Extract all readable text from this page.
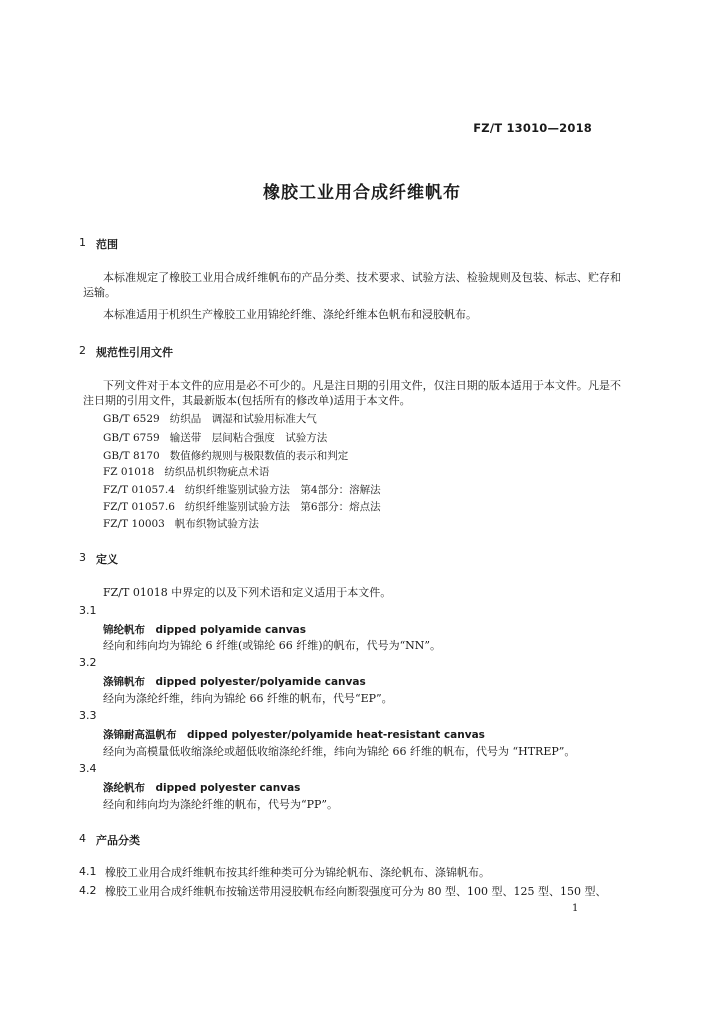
FZ/T 13010—2018
橡胶工业用合成纤维帆布
1 范围
本标准规定了橡胶工业用合成纤维帆布的产品分类、技术要求、试验方法、检验规则及包装、标志、贮存和运输。
本标准适用于机织生产橡胶工业用锦纶纤维、涤纶纤维本色帆布和浸胶帆布。
2 规范性引用文件
下列文件对于本文件的应用是必不可少的。凡是注日期的引用文件，仅注日期的版本适用于本文件。凡是不注日期的引用文件，其最新版本(包括所有的修改单)适用于本文件。
GB/T 6529 纺织品　调湿和试验用标准大气
GB/T 6759 输送带　层间粘合强度　试验方法
GB/T 8170 数值修约规则与极限数值的表示和判定
FZ 01018 纺织品机织物疵点术语
FZ/T 01057.4 纺织纤维鉴别试验方法　第4部分：溶解法
FZ/T 01057.6 纺织纤维鉴别试验方法　第6部分：熔点法
FZ/T 10003 帆布织物试验方法
3 定义
FZ/T 01018 中界定的以及下列术语和定义适用于本文件。
3.1
锦纶帆布　dipped polyamide canvas
经向和纬向均为锦纶 6 纤维(或锦纶 66 纤维)的帆布，代号为“NN”。
3.2
涤锦帆布　dipped polyester/polyamide canvas
经向为涤纶纤维，纬向为锦纶 66 纤维的帆布，代号“EP”。
3.3
涤锦耐高温帆布　dipped polyester/polyamide heat-resistant canvas
经向为高模量低收缩涤纶或超低收缩涤纶纤维，纬向为锦纶 66 纤维的帆布，代号为 “HTREP”。
3.4
涤纶帆布　dipped polyester canvas
经向和纬向均为涤纶纤维的帆布，代号为“PP”。
4 产品分类
4.1 橡胶工业用合成纤维帆布按其纤维种类可分为锦纶帆布、涤纶帆布、涤锦帆布。
4.2 橡胶工业用合成纤维帆布按输送带用浸胶帆布经向断裂强度可分为 80 型、100 型、125 型、150 型、
1
